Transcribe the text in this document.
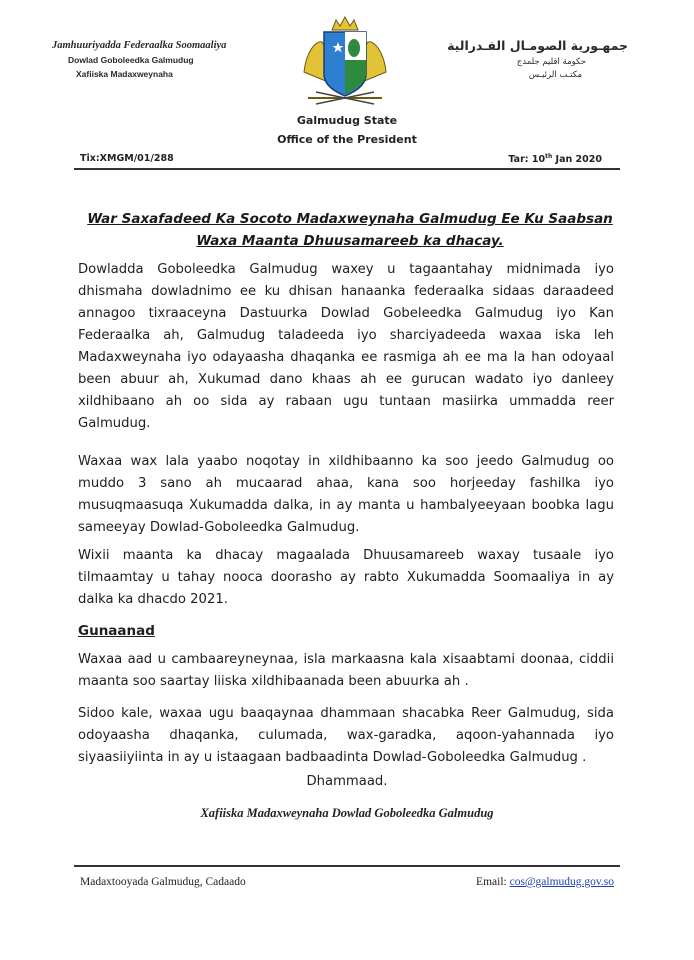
Jamhuuriyadda Federaalka Soomaaliya
Dowlad Goboleedka Galmudug
Xafiiska Madaxweynaha
جمهـورية الصومـال الفـدرالية
حكومة اقليم جلمدج
مكتـب الرئيـس
Galmudug State
Office of the President
Tix:XMGM/01/288	Tar: 10th Jan 2020
War Saxafadeed Ka Socoto Madaxweynaha Galmudug Ee Ku Saabsan Waxa Maanta Dhuusamareeb ka dhacay.

Dowladda Goboleedka Galmudug waxey u tagaantahay midnimada iyo dhismaha dowladnimo ee ku dhisan hanaanka federaalka sidaas daraadeed annagoo tixraaceyna Dastuurka Dowlad Gobeleedka Galmudug iyo Kan Federaalka ah, Galmudug taladeeda iyo sharciyadeeda waxaa iska leh Madaxweynaha iyo odayaasha dhaqanka ee rasmiga ah ee ma la han odoyaal been abuur ah, Xukumad dano khaas ah ee gurucan wadato iyo danleey xildhibaano ah oo sida ay rabaan ugu tuntaan masiirka ummadda reer Galmudug.

Waxaa wax lala yaabo noqotay in xildhibaanno ka soo jeedo Galmudug oo muddo 3 sano ah mucaarad ahaa, kana soo horjeeday fashilka iyo musuqmaasuqa Xukumadda dalka, in ay manta u hambalyeeyaan boobka lagu sameeyay Dowlad-Goboleedka Galmudug.

Wixii maanta ka dhacay magaalada Dhuusamareeb waxay tusaale iyo tilmaamtay u tahay nooca doorasho ay rabto Xukumadda Soomaaliya in ay dalka ka dhacdo 2021.

Gunaanad

Waxaa aad u cambaareyneynaa, isla markaasna kala xisaabtami doonaa, ciddii maanta soo saartay liiska xildhibaanada been abuurka ah .

Sidoo kale, waxaa ugu baaqaynaa dhammaan shacabka Reer Galmudug, sida odoyaasha dhaqanka, culumada, wax-garadka, aqoon-yahannada iyo siyaasiiyiinta in ay u istaagaan badbaadinta Dowlad-Goboleedka Galmudug .

Dhammaad.
Xafiiska Madaxweynaha Dowlad Goboleedka Galmudug
Madaxtooyada Galmudug, Cadaado	Email: cos@galmudug.gov.so
